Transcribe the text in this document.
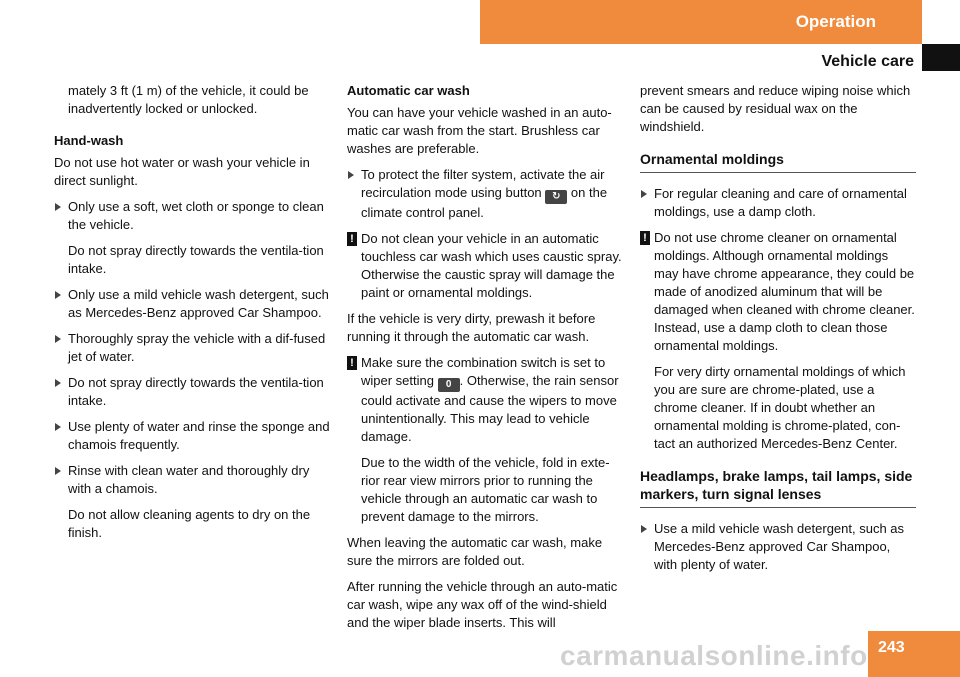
Operation
Vehicle care

mately 3 ft (1 m) of the vehicle, it could be inadvertently locked or unlocked.

Hand-wash

Do not use hot water or wash your vehicle in direct sunlight.

Only use a soft, wet cloth or sponge to clean the vehicle.

Do not spray directly towards the ventila-tion intake.

Only use a mild vehicle wash detergent, such as Mercedes-Benz approved Car Shampoo.

Thoroughly spray the vehicle with a dif-fused jet of water.

Do not spray directly towards the ventila-tion intake.

Use plenty of water and rinse the sponge and chamois frequently.

Rinse with clean water and thoroughly dry with a chamois.

Do not allow cleaning agents to dry on the finish.

Automatic car wash

You can have your vehicle washed in an auto-matic car wash from the start. Brushless car washes are preferable.

To protect the filter system, activate the air recirculation mode using button ↻ on the climate control panel.

! Do not clean your vehicle in an automatic touchless car wash which uses caustic spray. Otherwise the caustic spray will damage the paint or ornamental moldings.

If the vehicle is very dirty, prewash it before running it through the automatic car wash.

! Make sure the combination switch is set to wiper setting 0 . Otherwise, the rain sensor could activate and cause the wipers to move unintentionally. This may lead to vehicle damage.

Due to the width of the vehicle, fold in exte-rior rear view mirrors prior to running the vehicle through an automatic car wash to prevent damage to the mirrors.

When leaving the automatic car wash, make sure the mirrors are folded out.

After running the vehicle through an auto-matic car wash, wipe any wax off of the wind-shield and the wiper blade inserts. This will

prevent smears and reduce wiping noise which can be caused by residual wax on the windshield.

Ornamental moldings

For regular cleaning and care of ornamental moldings, use a damp cloth.

! Do not use chrome cleaner on ornamental moldings. Although ornamental moldings may have chrome appearance, they could be made of anodized aluminum that will be damaged when cleaned with chrome cleaner. Instead, use a damp cloth to clean those ornamental moldings.

For very dirty ornamental moldings of which you are sure are chrome-plated, use a chrome cleaner. If in doubt whether an ornamental molding is chrome-plated, con-tact an authorized Mercedes-Benz Center.

Headlamps, brake lamps, tail lamps, side markers, turn signal lenses

Use a mild vehicle wash detergent, such as Mercedes-Benz approved Car Shampoo, with plenty of water.

carmanualsonline.info 243
